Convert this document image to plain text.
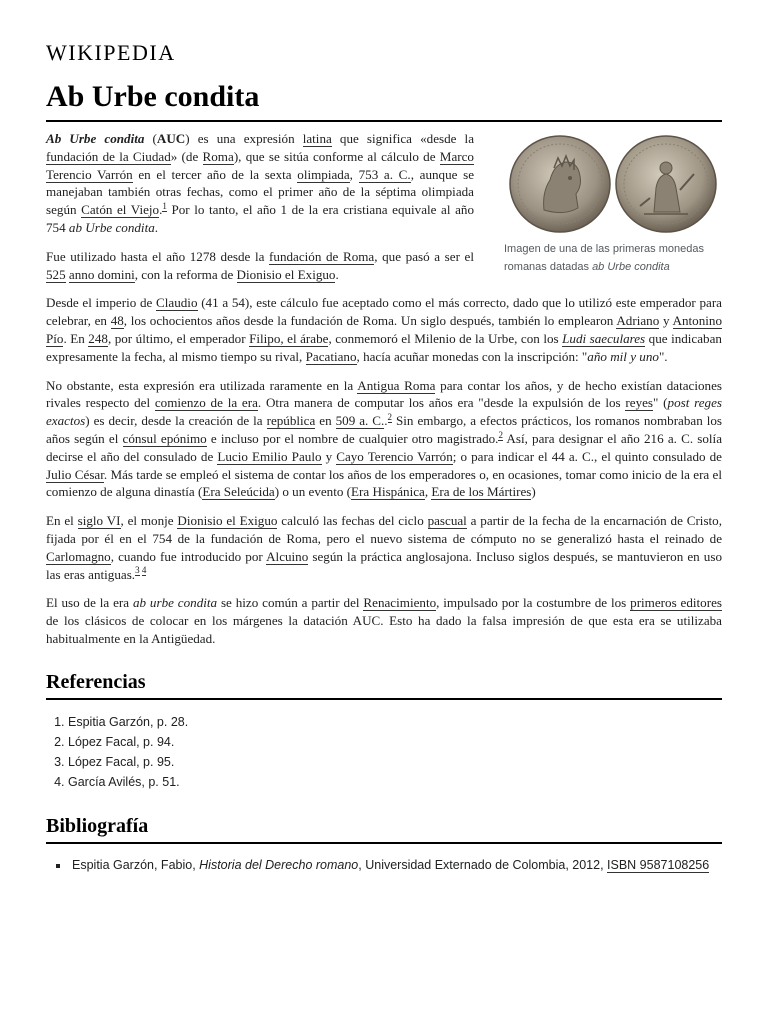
WIKIPEDIA
Ab Urbe condita
Imagen de una de las primeras monedas romanas datadas ab Urbe condita

Ab Urbe condita (AUC) es una expresión latina que significa «desde la fundación de la Ciudad» (de Roma), que se sitúa conforme al cálculo de Marco Terencio Varrón en el tercer año de la sexta olimpiada, 753 a. C., aunque se manejaban también otras fechas, como el primer año de la séptima olimpiada según Catón el Viejo.$^1$ Por lo tanto, el año 1 de la era cristiana equivale al año 754 ab Urbe condita.

Fue utilizado hasta el año 1278 desde la fundación de Roma, que pasó a ser el 525 anno domini, con la reforma de Dionisio el Exiguo.

Desde el imperio de Claudio (41 a 54), este cálculo fue aceptado como el más correcto, dado que lo utilizó este emperador para celebrar, en 48, los ochocientos años desde la fundación de Roma. Un siglo después, también lo emplearon Adriano y Antonino Pío. En 248, por último, el emperador Filipo, el árabe, conmemoró el Milenio de la Urbe, con los Ludi saeculares que indicaban expresamente la fecha, al mismo tiempo su rival, Pacatiano, hacía acuñar monedas con la inscripción: "año mil y uno".

No obstante, esta expresión era utilizada raramente en la Antigua Roma para contar los años, y de hecho existían dataciones rivales respecto del comienzo de la era. Otra manera de computar los años era "desde la expulsión de los reyes" (post reges exactos) es decir, desde la creación de la república en 509 a. C..$^2$ Sin embargo, a efectos prácticos, los romanos nombraban los años según el cónsul epónimo e incluso por el nombre de cualquier otro magistrado.$^2$ Así, para designar el año 216 a. C. solía decirse el año del consulado de Lucio Emilio Paulo y Cayo Terencio Varrón; o para indicar el 44 a. C., el quinto consulado de Julio César. Más tarde se empleó el sistema de contar los años de los emperadores o, en ocasiones, tomar como inicio de la era el comienzo de alguna dinastía (Era Seleúcida) o un evento (Era Hispánica, Era de los Mártires)

En el siglo VI, el monje Dionisio el Exiguo calculó las fechas del ciclo pascual a partir de la fecha de la encarnación de Cristo, fijada por él en el 754 de la fundación de Roma, pero el nuevo sistema de cómputo no se generalizó hasta el reinado de Carlomagno, cuando fue introducido por Alcuino según la práctica anglosajona. Incluso siglos después, se mantuvieron en uso las eras antiguas.$^{3 4}$

El uso de la era ab urbe condita se hizo común a partir del Renacimiento, impulsado por la costumbre de los primeros editores de los clásicos de colocar en los márgenes la datación AUC. Esto ha dado la falsa impresión de que esta era se utilizaba habitualmente en la Antigüedad.

Referencias
1. Espitia Garzón, p. 28.
2. López Facal, p. 94.
3. López Facal, p. 95.
4. García Avilés, p. 51.
Bibliografía
▪ Espitia Garzón, Fabio, Historia del Derecho romano, Universidad Externado de Colombia, 2012, ISBN 9587108256
